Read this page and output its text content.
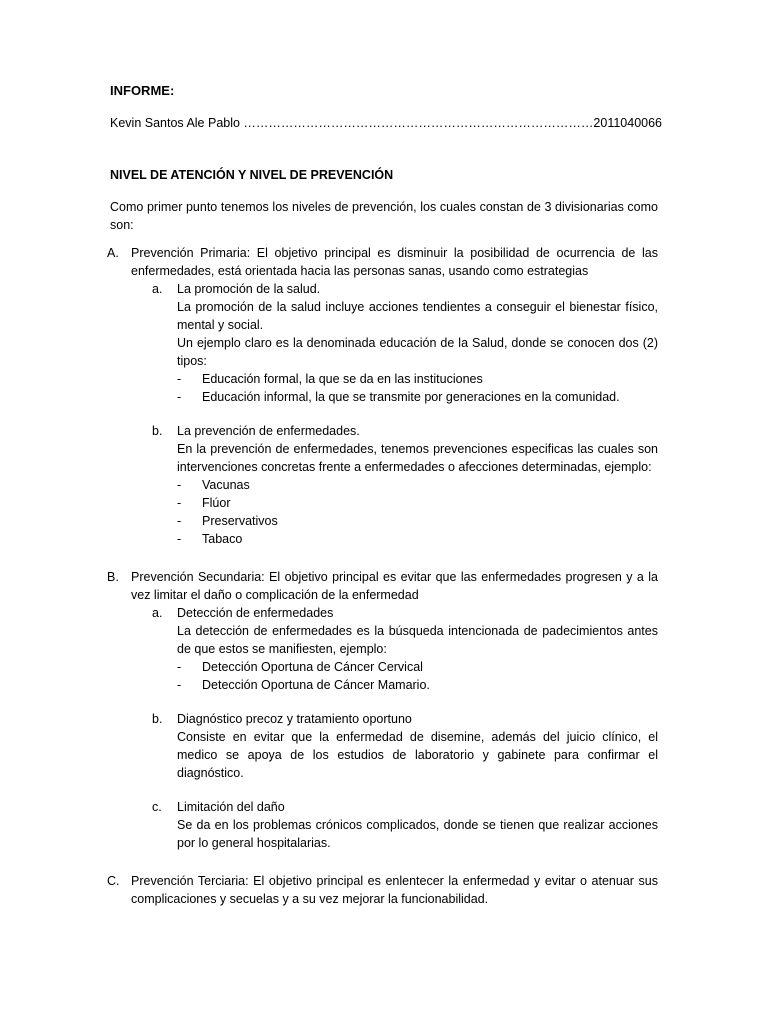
INFORME:
Kevin Santos Ale Pablo …………………………………………………………………………2011040066
NIVEL DE ATENCIÓN Y NIVEL DE PREVENCIÓN
Como primer punto tenemos los niveles de prevención, los cuales constan de 3 divisionarias como son:
A. Prevención Primaria: El objetivo principal es disminuir la posibilidad de ocurrencia de las enfermedades, está orientada hacia las personas sanas, usando como estrategias
a.	La promoción de la salud.
La promoción de la salud incluye acciones tendientes a conseguir el bienestar físico, mental y social.
Un ejemplo claro es la denominada educación de la Salud, donde se conocen dos (2) tipos:
-	Educación formal, la que se da en las instituciones
-	Educación informal, la que se transmite por generaciones en la comunidad.
b.	La prevención de enfermedades.
En la prevención de enfermedades, tenemos prevenciones especificas las cuales son intervenciones concretas frente a enfermedades o afecciones determinadas, ejemplo:
-	Vacunas
-	Flúor
-	Preservativos
-	Tabaco
B. Prevención Secundaria: El objetivo principal es evitar que las enfermedades progresen y a la vez limitar el daño o complicación de la enfermedad
a.	Detección de enfermedades
La detección de enfermedades es la búsqueda intencionada de padecimientos antes de que estos se manifiesten, ejemplo:
-	Detección Oportuna de Cáncer Cervical
-	Detección Oportuna de Cáncer Mamario.
b.	Diagnóstico precoz y tratamiento oportuno
Consiste en evitar que la enfermedad de disemine, además del juicio clínico, el medico se apoya de los estudios de laboratorio y gabinete para confirmar el diagnóstico.
c.	Limitación del daño
Se da en los problemas crónicos complicados, donde se tienen que realizar acciones por lo general hospitalarias.
C. Prevención Terciaria: El objetivo principal es enlentecer la enfermedad y evitar o atenuar sus complicaciones y secuelas y a su vez mejorar la funcionabilidad.
